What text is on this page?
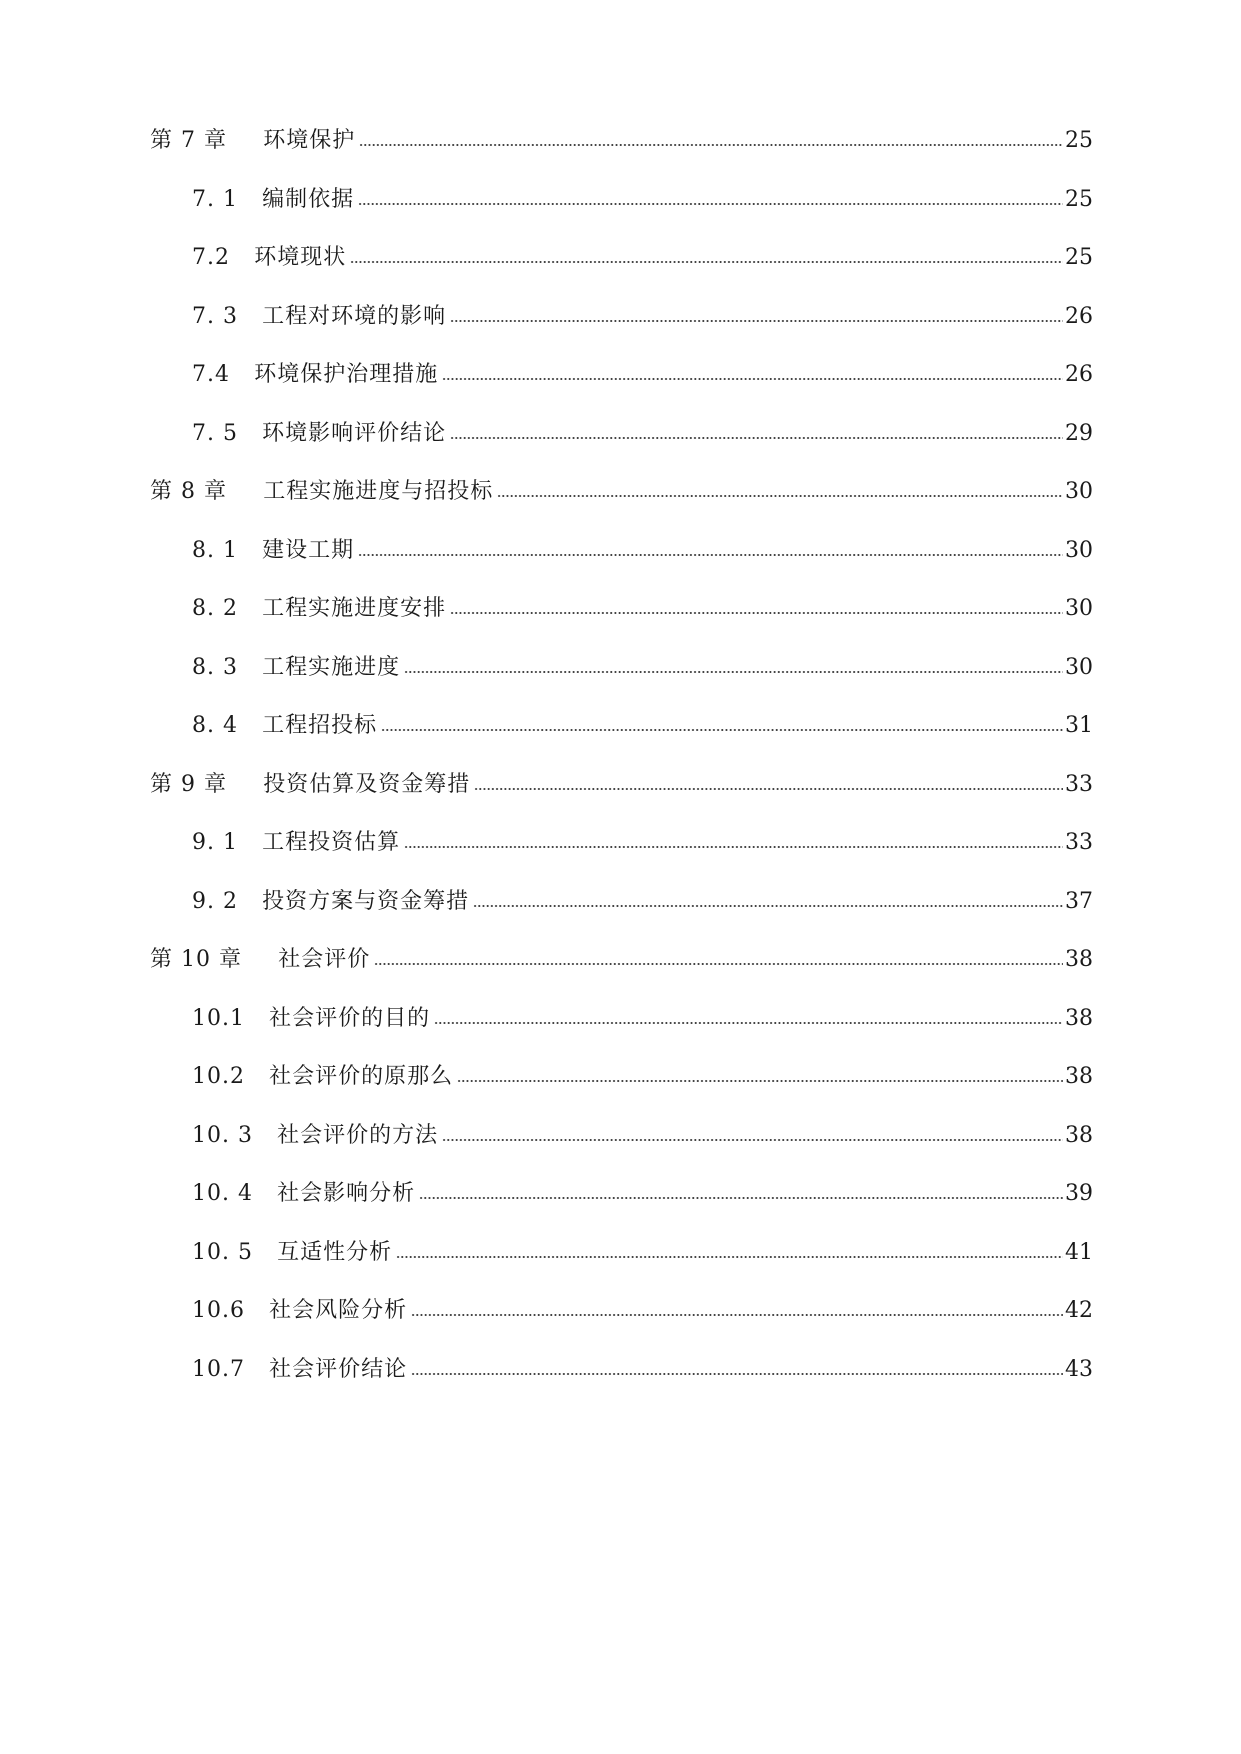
第 7 章 环境保护	25
7. 1 编制依据	25
7.2 环境现状	25
7. 3 工程对环境的影响	26
7.4 环境保护治理措施	26
7. 5 环境影响评价结论	29
第 8 章 工程实施进度与招投标	30
8. 1 建设工期	30
8. 2 工程实施进度安排	30
8. 3 工程实施进度	30
8. 4 工程招投标	31
第 9 章 投资估算及资金筹措	33
9. 1 工程投资估算	33
9. 2 投资方案与资金筹措	37
第 10 章 社会评价	38
10.1 社会评价的目的	38
10.2 社会评价的原那么	38
10. 3 社会评价的方法	38
10. 4 社会影响分析	39
10. 5 互适性分析	41
10.6 社会风险分析	42
10.7 社会评价结论	43
